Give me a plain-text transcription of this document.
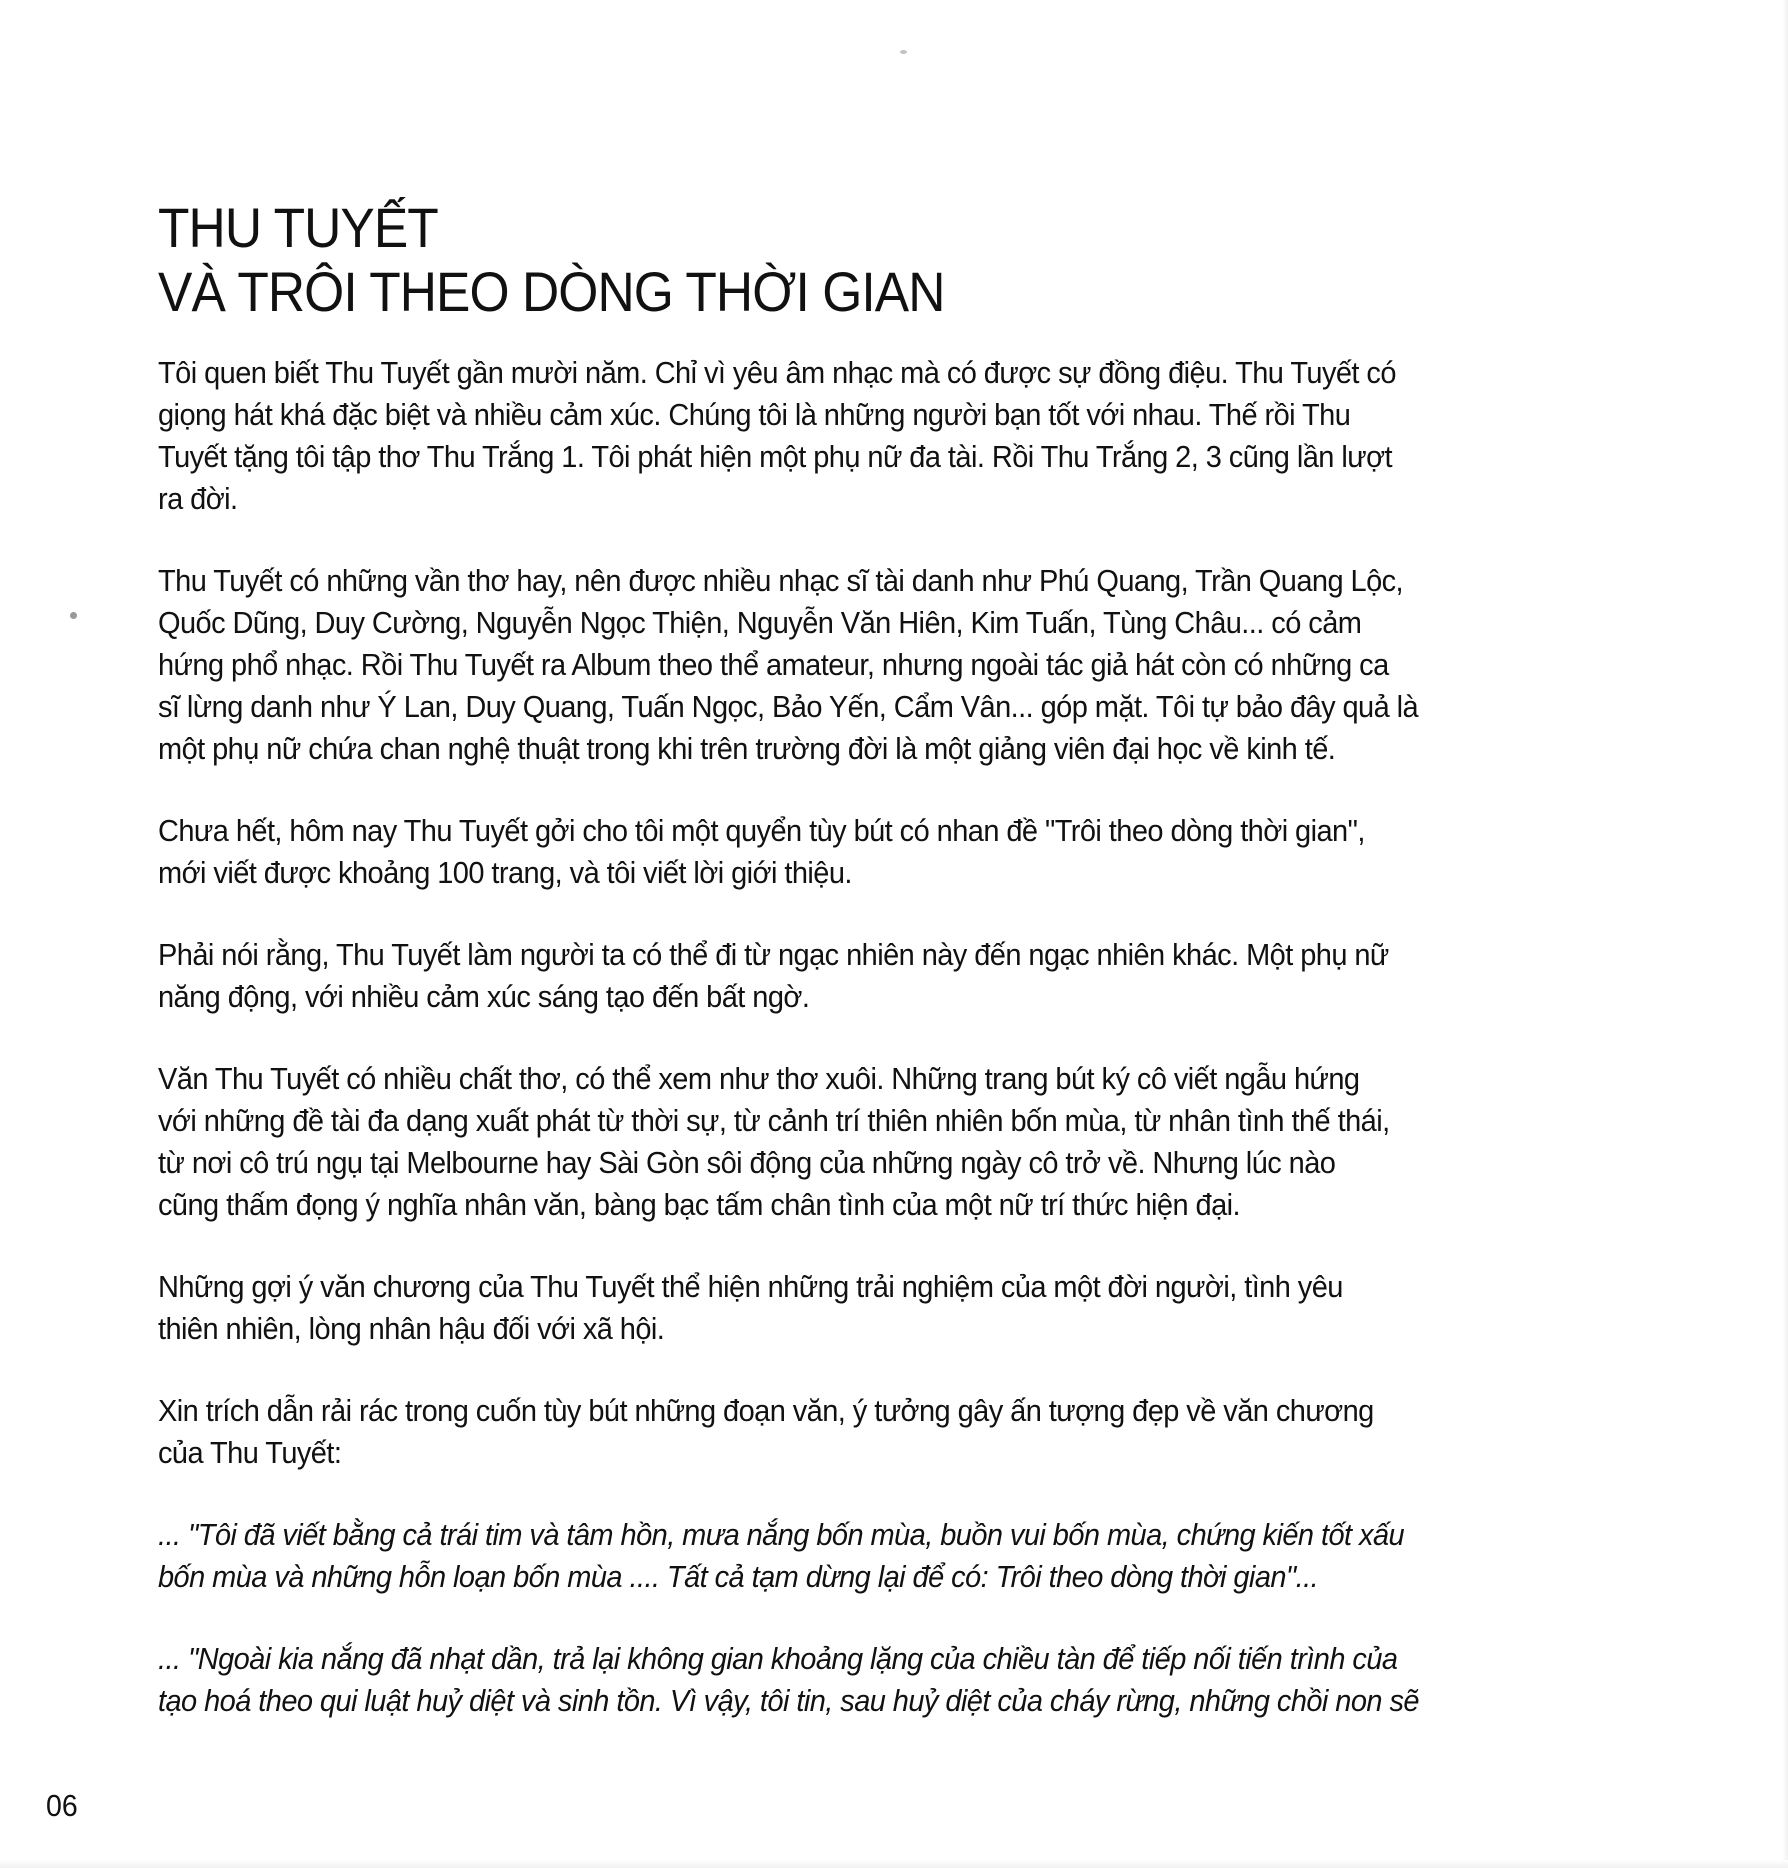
THU TUYẾT
VÀ TRÔI THEO DÒNG THỜI GIAN

Tôi quen biết Thu Tuyết gần mười năm. Chỉ vì yêu âm nhạc mà có được sự đồng điệu. Thu Tuyết có
giọng hát khá đặc biệt và nhiều cảm xúc. Chúng tôi là những người bạn tốt với nhau. Thế rồi Thu
Tuyết tặng tôi tập thơ Thu Trắng 1. Tôi phát hiện một phụ nữ đa tài. Rồi Thu Trắng 2, 3 cũng lần lượt
ra đời.

Thu Tuyết có những vần thơ hay, nên được nhiều nhạc sĩ tài danh như Phú Quang, Trần Quang Lộc,
Quốc Dũng, Duy Cường, Nguyễn Ngọc Thiện, Nguyễn Văn Hiên, Kim Tuấn, Tùng Châu... có cảm
hứng phổ nhạc. Rồi Thu Tuyết ra Album theo thể amateur, nhưng ngoài tác giả hát còn có những ca
sĩ lừng danh như Ý Lan, Duy Quang, Tuấn Ngọc, Bảo Yến, Cẩm Vân... góp mặt. Tôi tự bảo đây quả là
một phụ nữ chứa chan nghệ thuật trong khi trên trường đời là một giảng viên đại học về kinh tế.

Chưa hết, hôm nay Thu Tuyết gởi cho tôi một quyển tùy bút có nhan đề "Trôi theo dòng thời gian",
mới viết được khoảng 100 trang, và tôi viết lời giới thiệu.

Phải nói rằng, Thu Tuyết làm người ta có thể đi từ ngạc nhiên này đến ngạc nhiên khác. Một phụ nữ
năng động, với nhiều cảm xúc sáng tạo đến bất ngờ.

Văn Thu Tuyết có nhiều chất thơ, có thể xem như thơ xuôi. Những trang bút ký cô viết ngẫu hứng
với những đề tài đa dạng xuất phát từ thời sự, từ cảnh trí thiên nhiên bốn mùa, từ nhân tình thế thái,
từ nơi cô trú ngụ tại Melbourne hay Sài Gòn sôi động của những ngày cô trở về. Nhưng lúc nào
cũng thấm đọng ý nghĩa nhân văn, bàng bạc tấm chân tình của một nữ trí thức hiện đại.

Những gợi ý văn chương của Thu Tuyết thể hiện những trải nghiệm của một đời người, tình yêu
thiên nhiên, lòng nhân hậu đối với xã hội.

Xin trích dẫn rải rác trong cuốn tùy bút những đoạn văn, ý tưởng gây ấn tượng đẹp về văn chương
của Thu Tuyết:

... "Tôi đã viết bằng cả trái tim và tâm hồn, mưa nắng bốn mùa, buồn vui bốn mùa, chứng kiến tốt xấu
bốn mùa và những hỗn loạn bốn mùa .... Tất cả tạm dừng lại để có: Trôi theo dòng thời gian"...

... "Ngoài kia nắng đã nhạt dần, trả lại không gian khoảng lặng của chiều tàn để tiếp nối tiến trình của
tạo hoá theo qui luật huỷ diệt và sinh tồn. Vì vậy, tôi tin, sau huỷ diệt của cháy rừng, những chồi non sẽ

06
